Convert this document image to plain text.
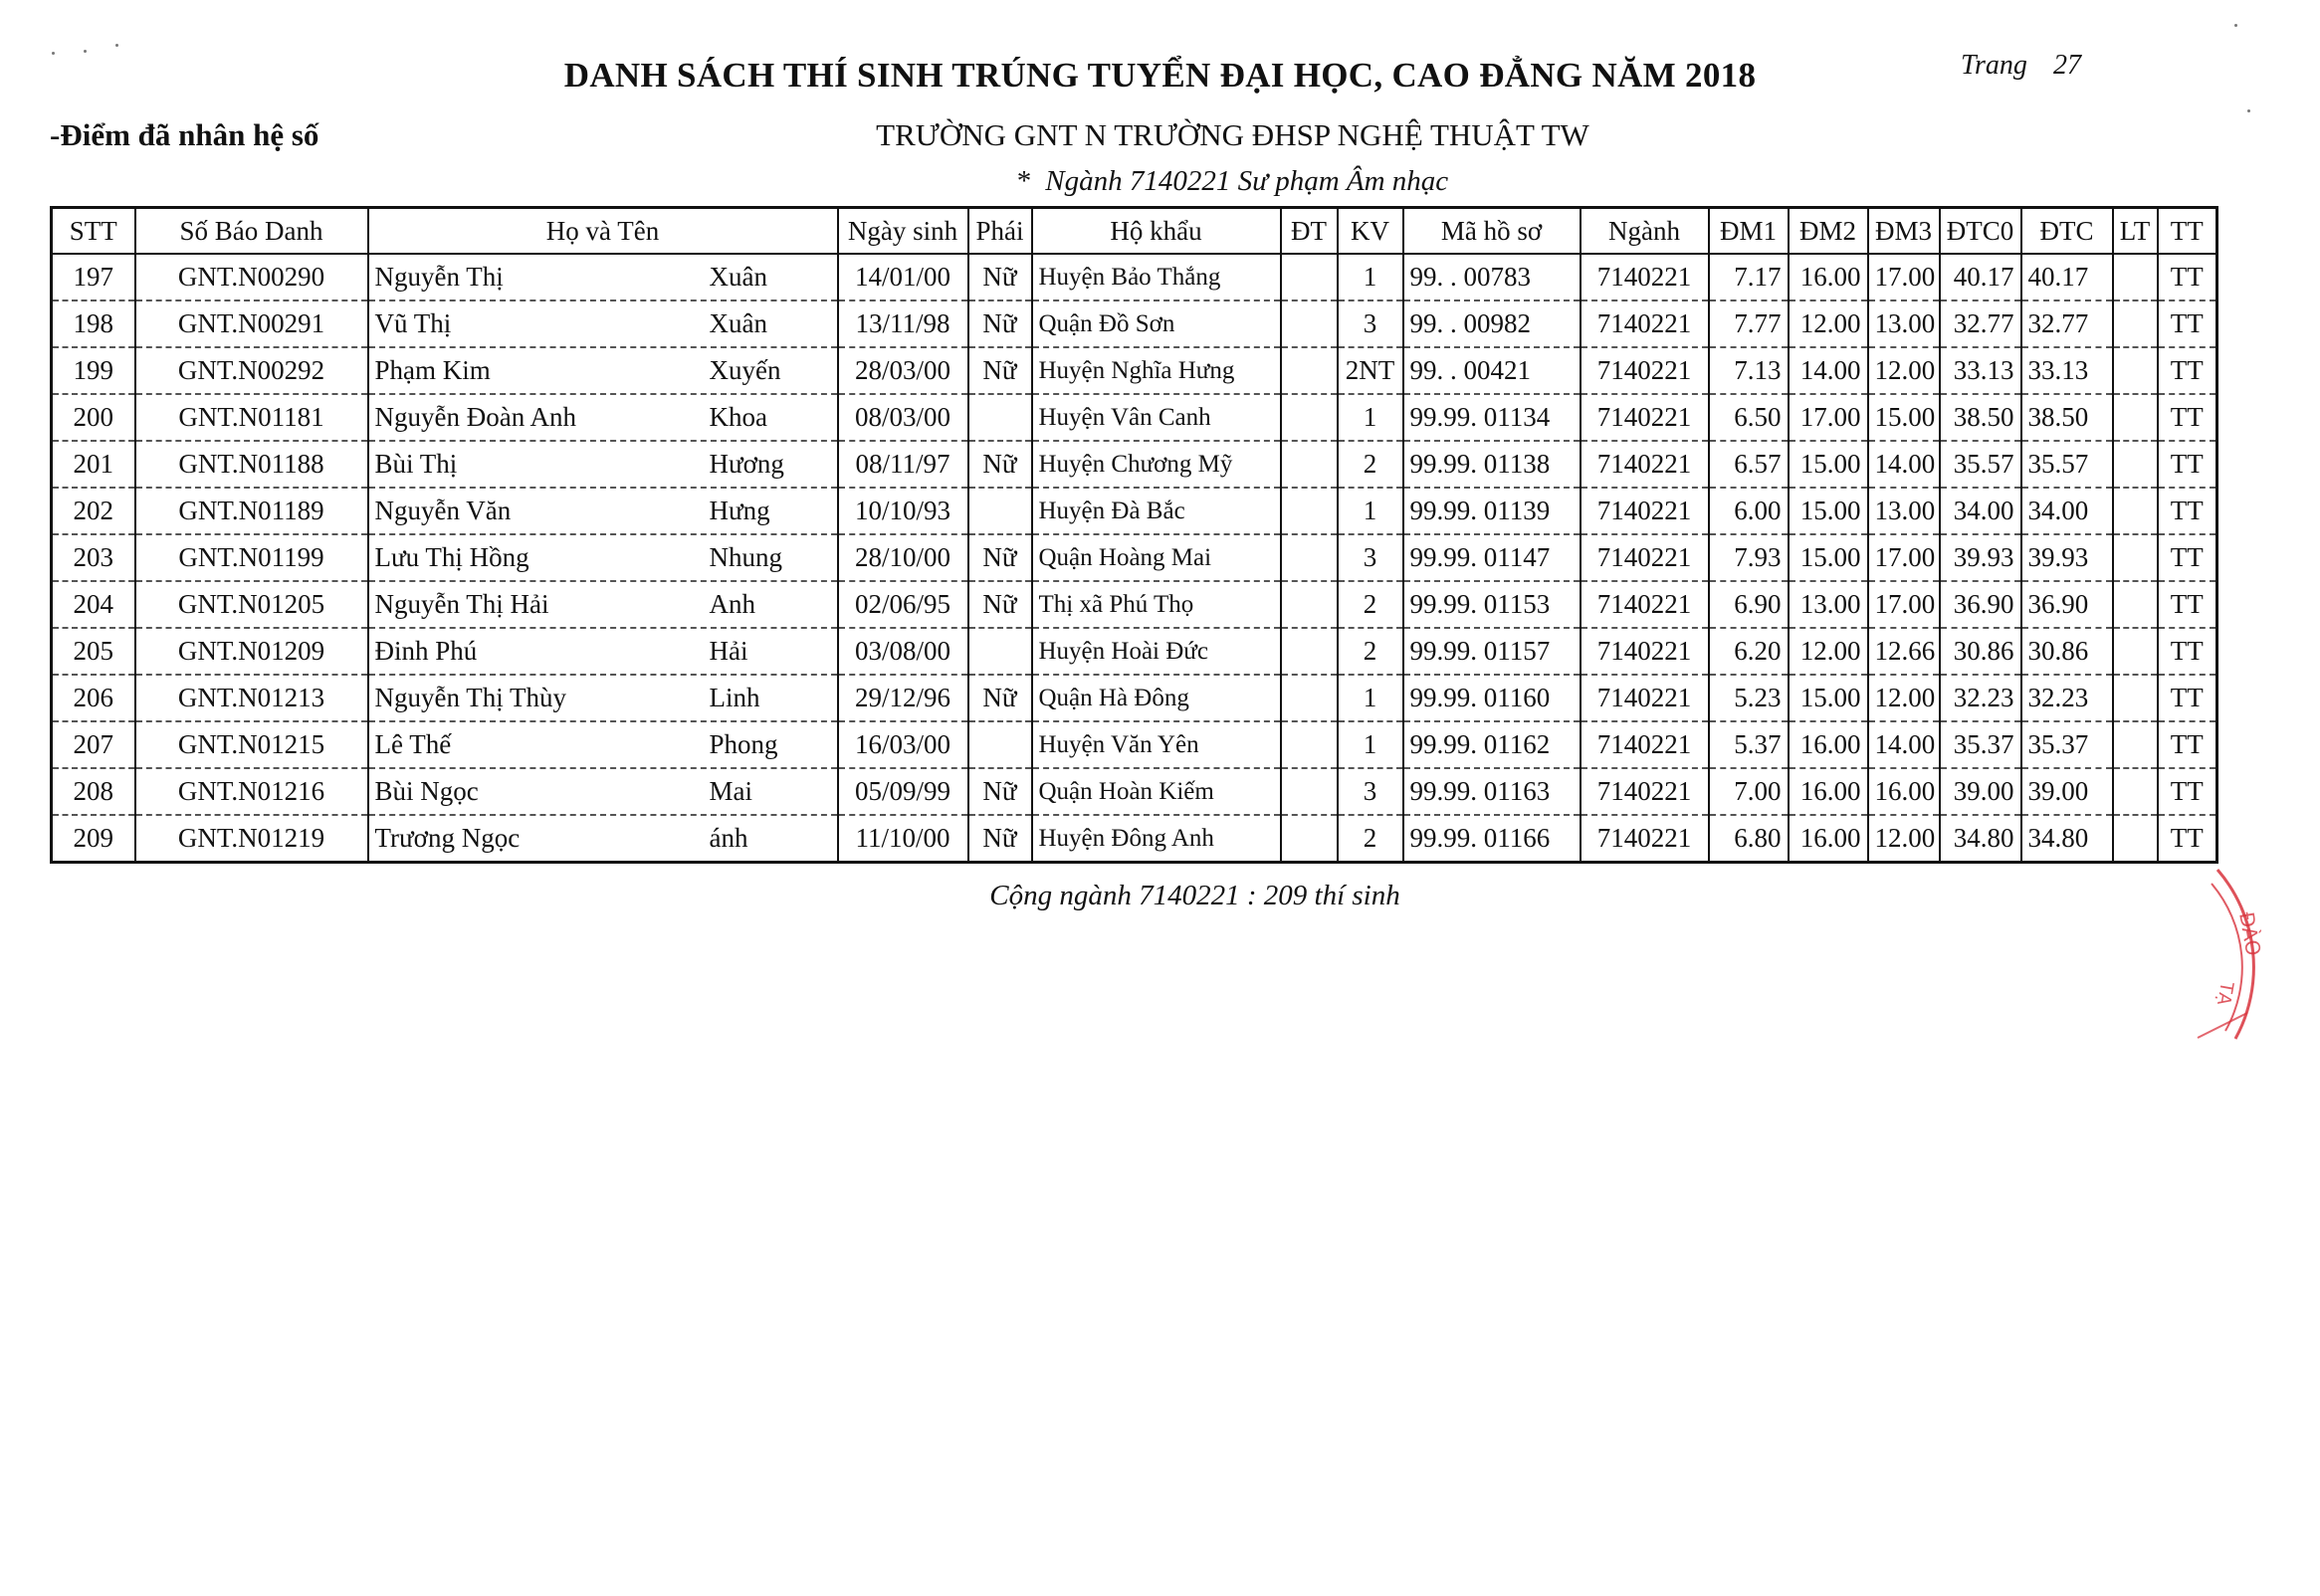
DANH SÁCH THÍ SINH TRÚNG TUYỂN ĐẠI HỌC, CAO ĐẲNG NĂM 2018	Trang 27
-Điểm đã nhân hệ số	TRƯỜNG GNT N TRƯỜNG ĐHSP NGHỆ THUẬT TW
* Ngành 7140221 Sư phạm Âm nhạc
STT	Số Báo Danh	Họ và Tên	Ngày sinh	Phái	Hộ khẩu	ĐT	KV	Mã hồ sơ	Ngành	ĐM1	ĐM2	ĐM3	ĐTC0	ĐTC	LT	TT
197	GNT.N00290	Nguyễn Thị Xuân	14/01/00	Nữ	Huyện Bảo Thắng		1	99. . 00783	7140221	7.17	16.00	17.00	40.17	40.17		TT
198	GNT.N00291	Vũ Thị Xuân	13/11/98	Nữ	Quận Đồ Sơn		3	99. . 00982	7140221	7.77	12.00	13.00	32.77	32.77		TT
199	GNT.N00292	Phạm Kim Xuyến	28/03/00	Nữ	Huyện Nghĩa Hưng		2NT	99. . 00421	7140221	7.13	14.00	12.00	33.13	33.13		TT
200	GNT.N01181	Nguyễn Đoàn Anh Khoa	08/03/00		Huyện Vân Canh		1	99.99. 01134	7140221	6.50	17.00	15.00	38.50	38.50		TT
201	GNT.N01188	Bùi Thị Hương	08/11/97	Nữ	Huyện Chương Mỹ		2	99.99. 01138	7140221	6.57	15.00	14.00	35.57	35.57		TT
202	GNT.N01189	Nguyễn Văn Hưng	10/10/93		Huyện Đà Bắc		1	99.99. 01139	7140221	6.00	15.00	13.00	34.00	34.00		TT
203	GNT.N01199	Lưu Thị Hồng Nhung	28/10/00	Nữ	Quận Hoàng Mai		3	99.99. 01147	7140221	7.93	15.00	17.00	39.93	39.93		TT
204	GNT.N01205	Nguyễn Thị Hải Anh	02/06/95	Nữ	Thị xã Phú Thọ		2	99.99. 01153	7140221	6.90	13.00	17.00	36.90	36.90		TT
205	GNT.N01209	Đinh Phú Hải	03/08/00		Huyện Hoài Đức		2	99.99. 01157	7140221	6.20	12.00	12.66	30.86	30.86		TT
206	GNT.N01213	Nguyễn Thị Thùy Linh	29/12/96	Nữ	Quận Hà Đông		1	99.99. 01160	7140221	5.23	15.00	12.00	32.23	32.23		TT
207	GNT.N01215	Lê Thế Phong	16/03/00		Huyện Văn Yên		1	99.99. 01162	7140221	5.37	16.00	14.00	35.37	35.37		TT
208	GNT.N01216	Bùi Ngọc Mai	05/09/99	Nữ	Quận Hoàn Kiếm		3	99.99. 01163	7140221	7.00	16.00	16.00	39.00	39.00		TT
209	GNT.N01219	Trương Ngọc ánh	11/10/00	Nữ	Huyện Đông Anh		2	99.99. 01166	7140221	6.80	16.00	12.00	34.80	34.80		TT
Cộng ngành 7140221 : 209 thí sinh
ĐÀO
TẠ
